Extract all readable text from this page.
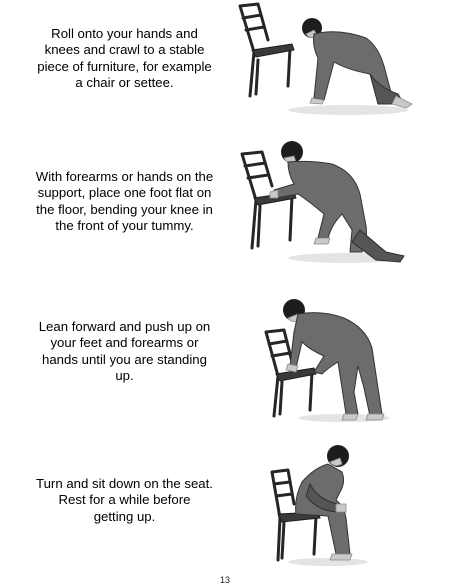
Roll onto your hands and
knees and crawl to a stable
piece of furniture, for example
a chair or settee.
With forearms or hands on the
support, place one foot flat on
the floor, bending your knee in
the front of your tummy.
Lean forward and push up on
your feet and forearms or
hands until you are standing
up.
Turn and sit down on the seat.
Rest for a while before
getting up.
13
